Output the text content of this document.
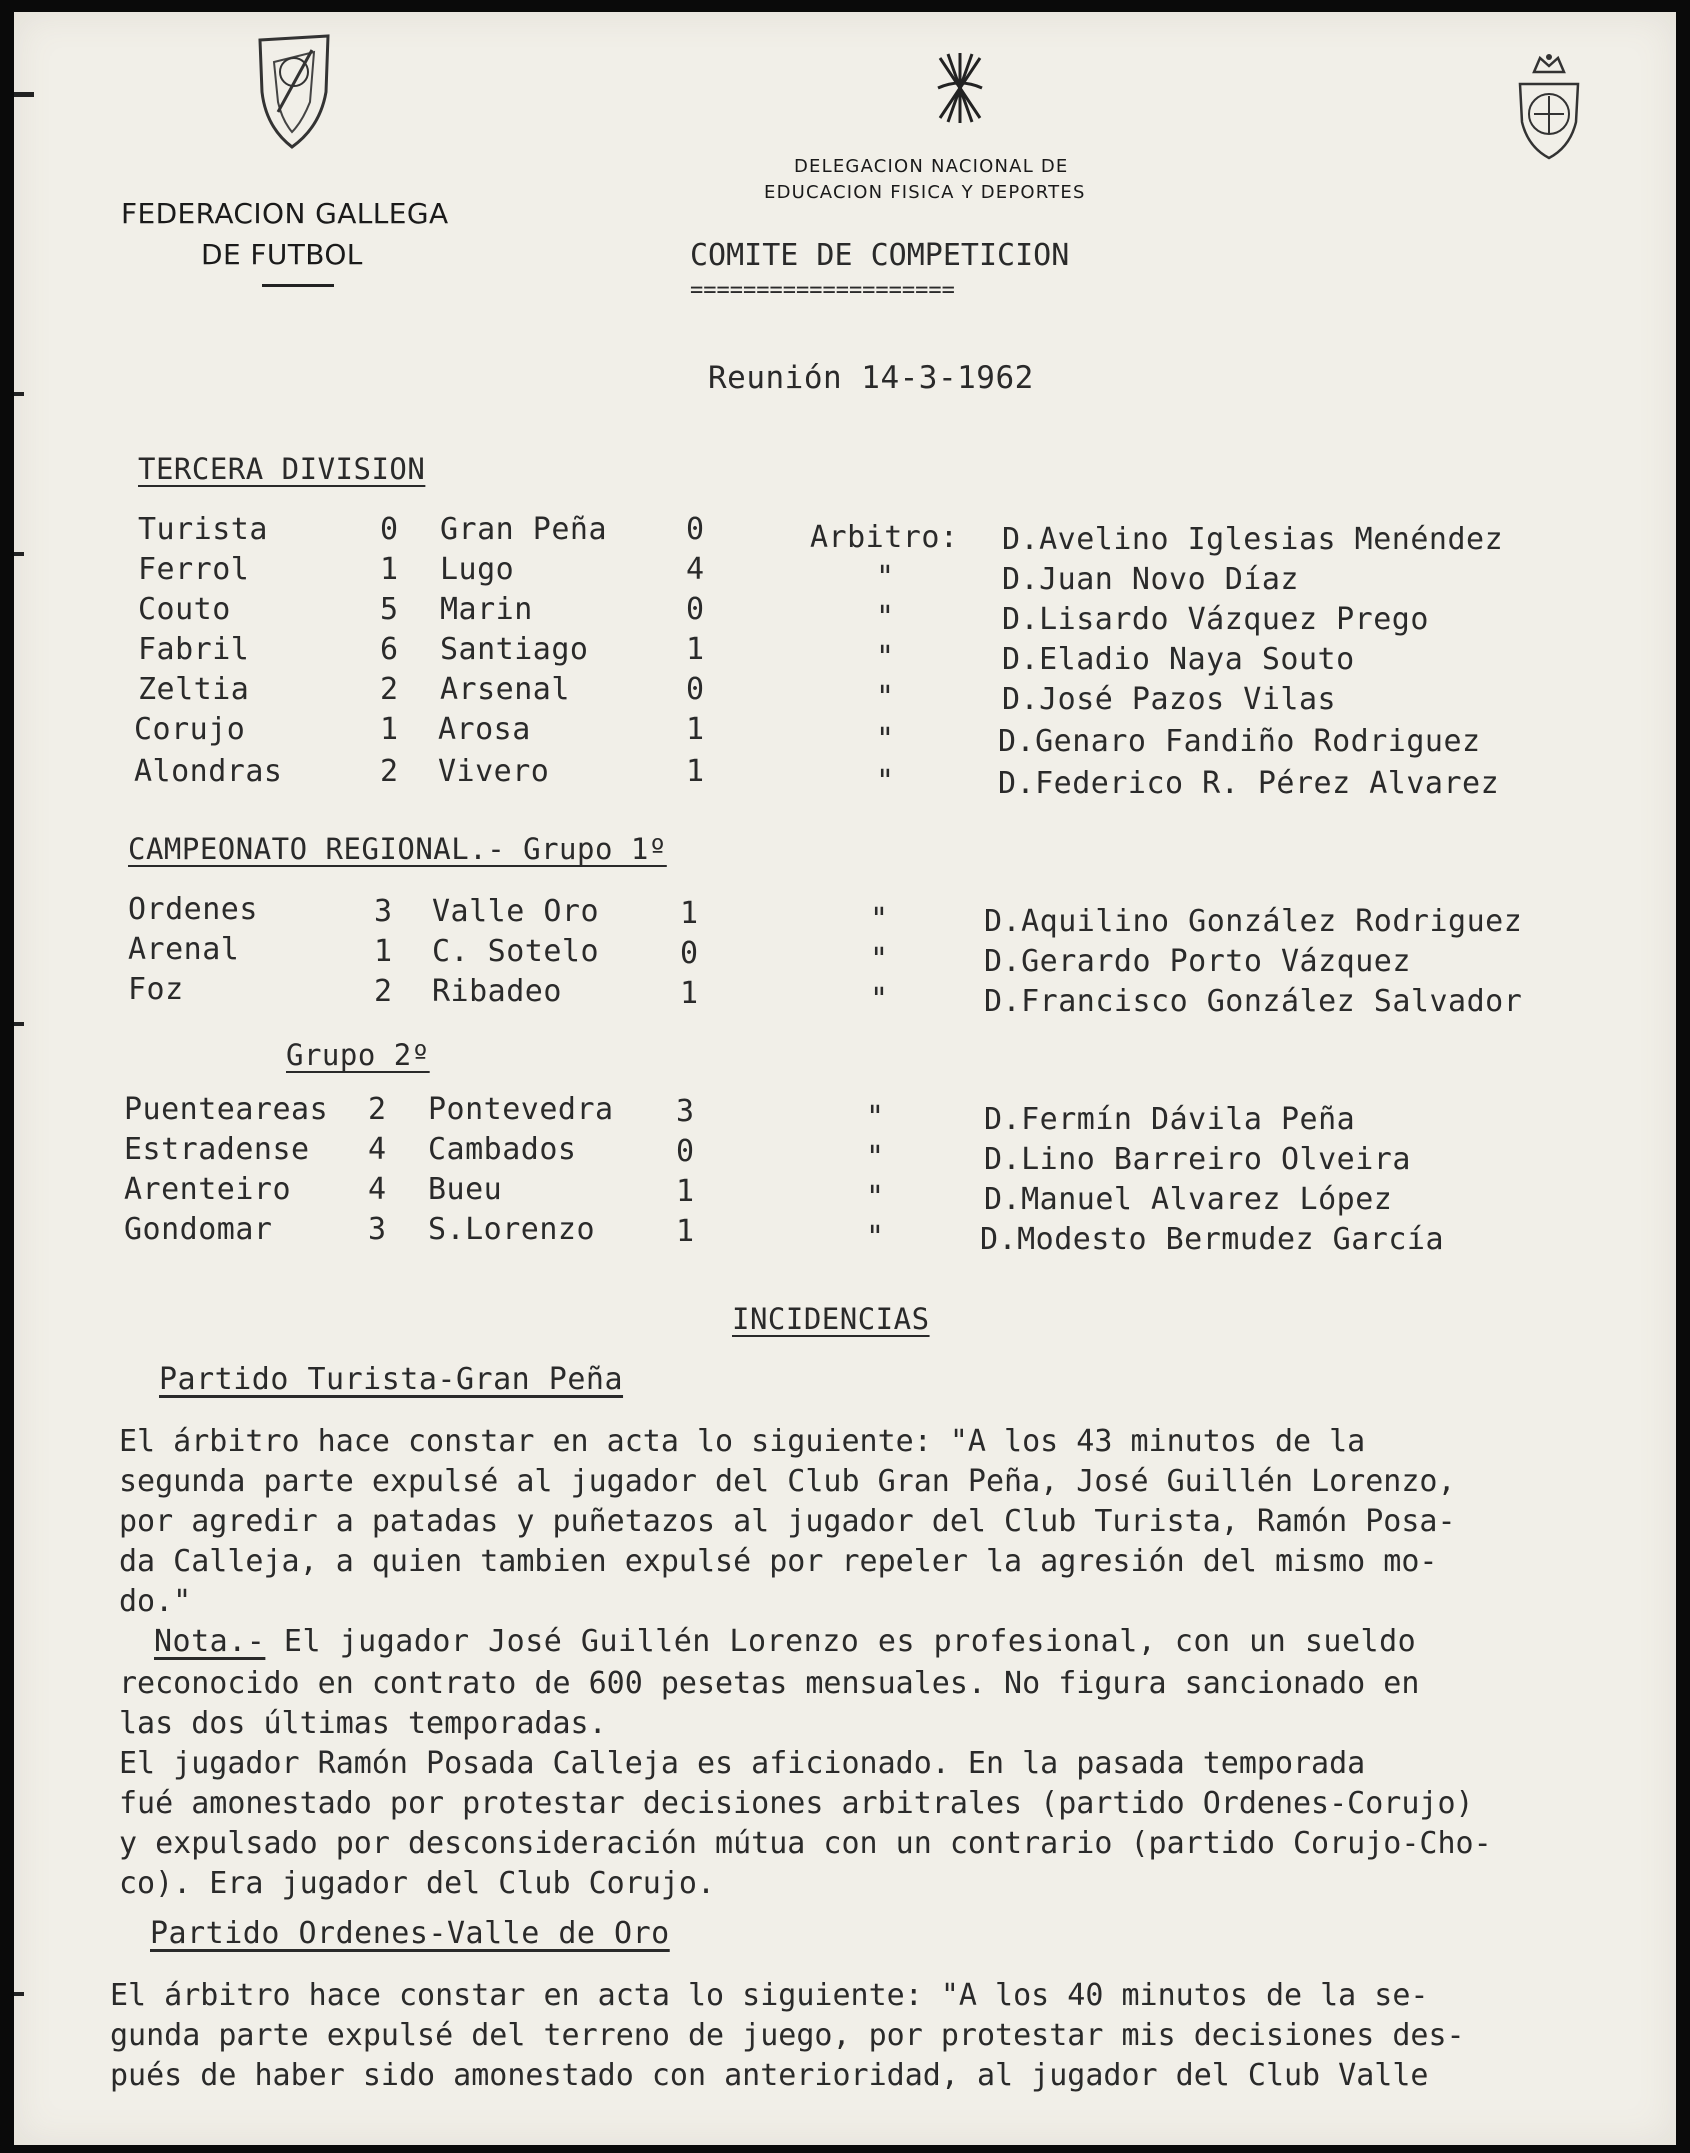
FEDERACION GALLEGA
DE FUTBOL
DELEGACION NACIONAL DE
EDUCACION FISICA Y DEPORTES
COMITE DE COMPETICION
====================
Reunión 14-3-1962
TERCERA DIVISION
Turista	0 Gran Peña	0	Arbitro: D.Avelino Iglesias Menéndez
Ferrol	1 Lugo	4	"	D.Juan Novo Díaz
Couto	5 Marin	0	"	D.Lisardo Vázquez Prego
Fabril	6 Santiago	1	"	D.Eladio Naya Souto
Zeltia	2 Arsenal	0	"	D.José Pazos Vilas
Corujo	1 Arosa	1	"	D.Genaro Fandiño Rodriguez
Alondras	2 Vivero	1	"	D.Federico R. Pérez Alvarez
CAMPEONATO REGIONAL.- Grupo 1º
Ordenes	3 Valle Oro	1	"	D.Aquilino González Rodriguez
Arenal	1 C. Sotelo	0	"	D.Gerardo Porto Vázquez
Foz	2 Ribadeo	1	"	D.Francisco González Salvador
Grupo 2º
Puenteareas 2 Pontevedra 3	"	D.Fermín Dávila Peña
Estradense 4 Cambados	0	"	D.Lino Barreiro Olveira
Arenteiro	4 Bueu	1	"	D.Manuel Alvarez López
Gondomar	3 S.Lorenzo	1	"	D.Modesto Bermudez García
INCIDENCIAS
Partido Turista-Gran Peña

El árbitro hace constar en acta lo siguiente: "A los 43 minutos de la

segunda parte expulsé al jugador del Club Gran Peña, José Guillén Lorenzo,

por agredir a patadas y puñetazos al jugador del Club Turista, Ramón Posa-

da Calleja, a quien tambien expulsé por repeler la agresión del mismo mo-

do."

Nota.- El jugador José Guillén Lorenzo es profesional, con un sueldo

reconocido en contrato de 600 pesetas mensuales. No figura sancionado en

las dos últimas temporadas.

El jugador Ramón Posada Calleja es aficionado. En la pasada temporada

fué amonestado por protestar decisiones arbitrales (partido Ordenes-Corujo)

y expulsado por desconsideración mútua con un contrario (partido Corujo-Cho-

co). Era jugador del Club Corujo.

Partido Ordenes-Valle de Oro

El árbitro hace constar en acta lo siguiente: "A los 40 minutos de la se-

gunda parte expulsé del terreno de juego, por protestar mis decisiones des-

pués de haber sido amonestado con anterioridad, al jugador del Club Valle
